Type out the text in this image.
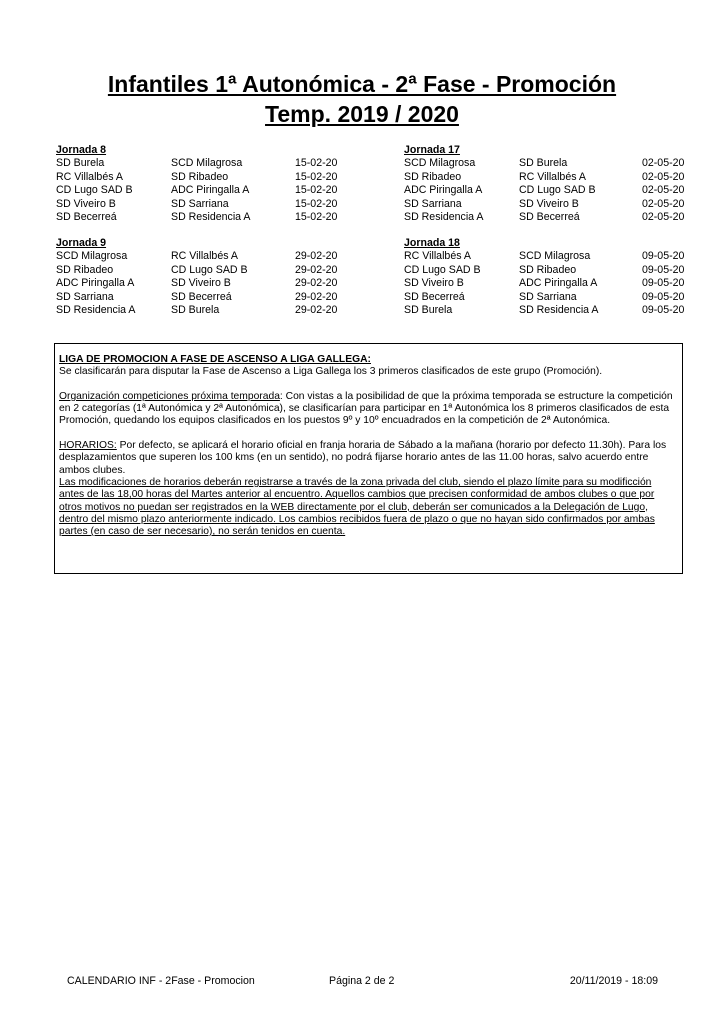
Infantiles 1ª Autonómica - 2ª Fase - Promoción
Temp. 2019 / 2020
Jornada 8
SD Burela	SCD Milagrosa	15-02-20
RC Villalbés A	SD Ribadeo	15-02-20
CD Lugo SAD B	ADC Piringalla A	15-02-20
SD Viveiro B	SD Sarriana	15-02-20
SD Becerreá	SD Residencia A	15-02-20
Jornada 17
SCD Milagrosa	SD Burela	02-05-20
SD Ribadeo	RC Villalbés A	02-05-20
ADC Piringalla A	CD Lugo SAD B	02-05-20
SD Sarriana	SD Viveiro B	02-05-20
SD Residencia A	SD Becerreá	02-05-20
Jornada 9
SCD Milagrosa	RC Villalbés A	29-02-20
SD Ribadeo	CD Lugo SAD B	29-02-20
ADC Piringalla A	SD Viveiro B	29-02-20
SD Sarriana	SD Becerreá	29-02-20
SD Residencia A	SD Burela	29-02-20
Jornada 18
RC Villalbés A	SCD Milagrosa	09-05-20
CD Lugo SAD B	SD Ribadeo	09-05-20
SD Viveiro B	ADC Piringalla A	09-05-20
SD Becerreá	SD Sarriana	09-05-20
SD Burela	SD Residencia A	09-05-20
LIGA DE PROMOCION A FASE DE ASCENSO A LIGA GALLEGA:

Se clasificarán para disputar la Fase de Ascenso a Liga Gallega los 3 primeros clasificados de este grupo (Promoción).

Organización competiciones próxima temporada: Con vistas a la posibilidad de que la próxima temporada se estructure la competición en 2 categorías (1ª Autonómica y 2ª Autonómica), se clasificarían para participar en 1ª Autonómica los 8 primeros clasificados de esta Promoción, quedando los equipos clasificados en los puestos 9º y 10º encuadrados en la competición de 2ª Autonómica.

HORARIOS: Por defecto, se aplicará el horario oficial en franja horaria de Sábado a la mañana (horario por defecto 11.30h). Para los desplazamientos que superen los 100 kms (en un sentido), no podrá fijarse horario antes de las 11.00 horas, salvo acuerdo entre ambos clubes.
Las modificaciones de horarios deberán registrarse a través de la zona privada del club, siendo el plazo límite para su modificción antes de las 18,00 horas del Martes anterior al encuentro. Aquellos cambios que precisen conformidad de ambos clubes o que por otros motivos no puedan ser registrados en la WEB directamente por el club, deberán ser comunicados a la Delegación de Lugo, dentro del mismo plazo anteriormente indicado. Los cambios recibidos fuera de plazo o que no hayan sido confirmados por ambas partes (en caso de ser necesario), no serán tenidos en cuenta.

CALENDARIO INF - 2Fase - Promocion	Página 2 de 2	20/11/2019 - 18:09
